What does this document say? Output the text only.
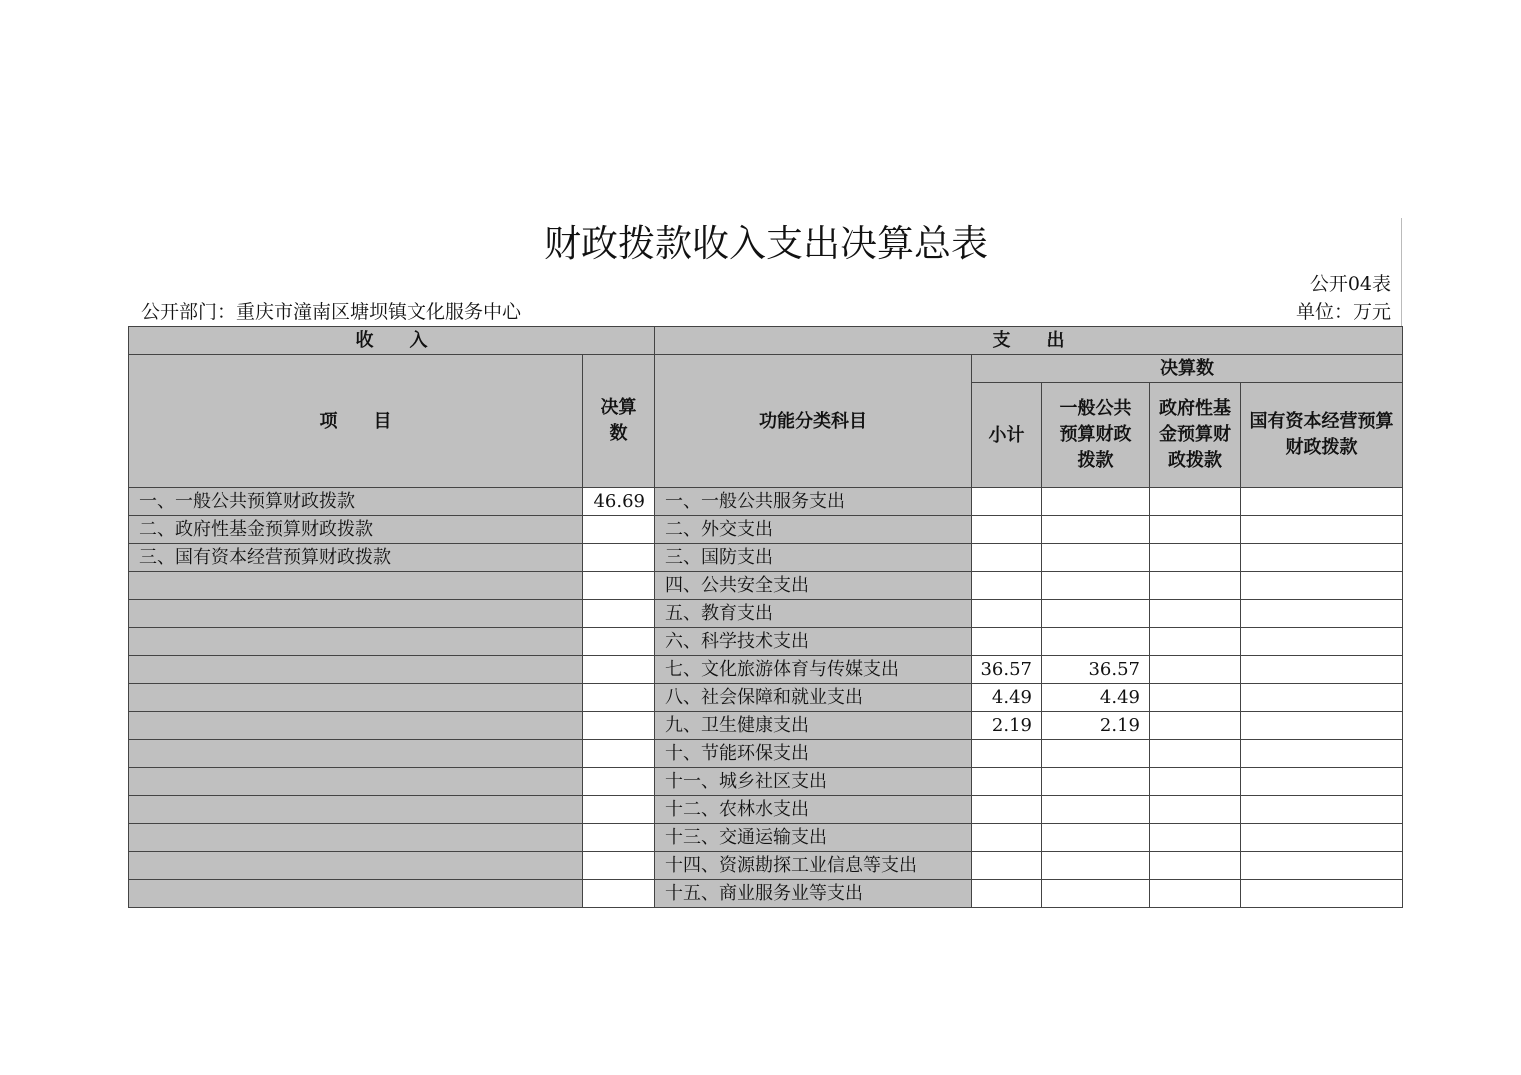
财政拨款收入支出决算总表
公开04表
公开部门：重庆市潼南区塘坝镇文化服务中心	单位：万元
收　　入		支　　出				
项　　目	决算数	功能分类科目	决算数			
			小计	一般公共预算财政拨款	政府性基金预算财政拨款	国有资本经营预算财政拨款
一、一般公共预算财政拨款	46.69	一、一般公共服务支出				
二、政府性基金预算财政拨款		二、外交支出				
三、国有资本经营预算财政拨款		三、国防支出				
		四、公共安全支出				
		五、教育支出				
		六、科学技术支出				
		七、文化旅游体育与传媒支出	36.57	36.57		
		八、社会保障和就业支出	4.49	4.49		
		九、卫生健康支出	2.19	2.19		
		十、节能环保支出				
		十一、城乡社区支出				
		十二、农林水支出				
		十三、交通运输支出				
		十四、资源勘探工业信息等支出				
		十五、商业服务业等支出				
